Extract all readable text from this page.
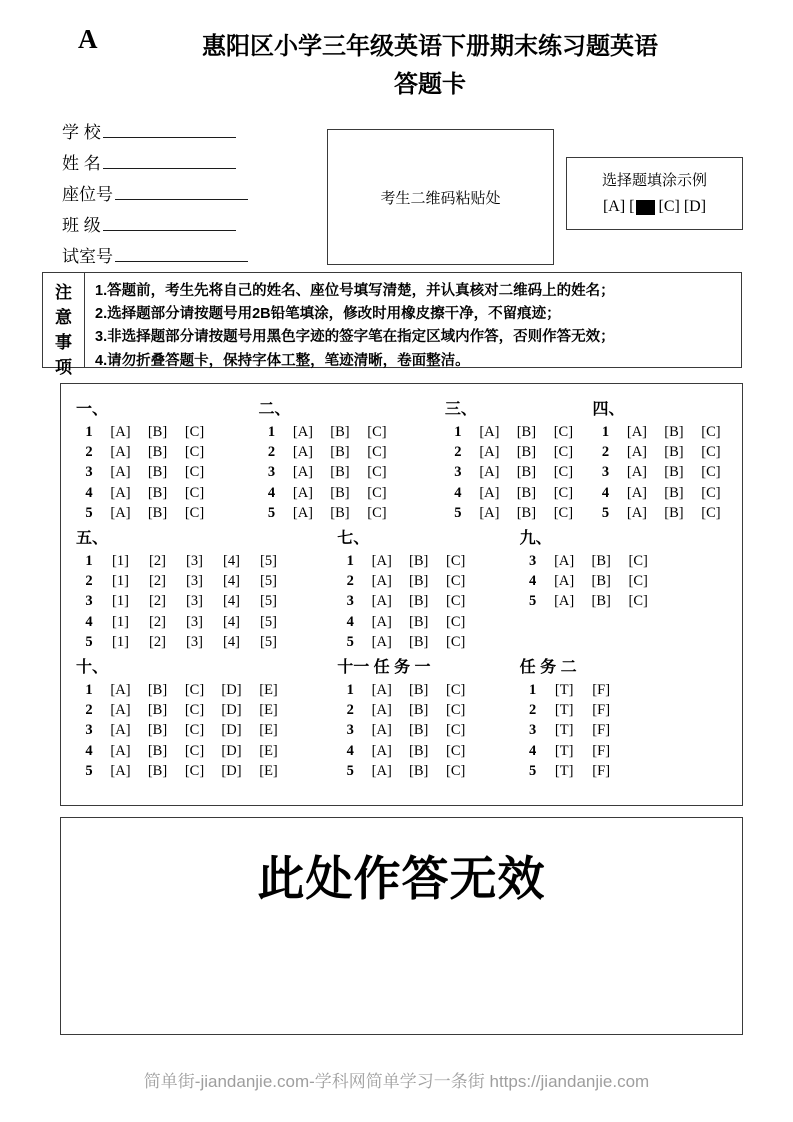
A	惠阳区小学三年级英语下册期末练习题英语
答题卡
学 校
姓 名
座位号
班 级
试室号
考生二维码粘贴处
选择题填涂示例
[A] [ [C] [D]
注
意
事
项
1.答题前，考生先将自己的姓名、座位号填写清楚，并认真核对二维码上的姓名；
2.选择题部分请按题号用2B铅笔填涂，修改时用橡皮擦干净，不留痕迹；
3.非选择题部分请按题号用黑色字迹的签字笔在指定区域内作答，否则作答无效；
4.请勿折叠答题卡，保持字体工整，笔迹清晰，卷面整洁。
一、
1	[A]	[B]	[C]
2	[A]	[B]	[C]
3	[A]	[B]	[C]
4	[A]	[B]	[C]
5	[A]	[B]	[C]
二、
1	[A]	[B]	[C]
2	[A]	[B]	[C]
3	[A]	[B]	[C]
4	[A]	[B]	[C]
5	[A]	[B]	[C]
三、
1	[A]	[B]	[C]
2	[A]	[B]	[C]
3	[A]	[B]	[C]
4	[A]	[B]	[C]
5	[A]	[B]	[C]
四、
1	[A]	[B]	[C]
2	[A]	[B]	[C]
3	[A]	[B]	[C]
4	[A]	[B]	[C]
5	[A]	[B]	[C]
五、
1	[1]	[2]	[3]	[4]	[5]
2	[1]	[2]	[3]	[4]	[5]
3	[1]	[2]	[3]	[4]	[5]
4	[1]	[2]	[3]	[4]	[5]
5	[1]	[2]	[3]	[4]	[5]
七、
1	[A]	[B]	[C]
2	[A]	[B]	[C]
3	[A]	[B]	[C]
4	[A]	[B]	[C]
5	[A]	[B]	[C]
九、
3	[A]	[B]	[C]
4	[A]	[B]	[C]
5	[A]	[B]	[C]
十、
1	[A]	[B]	[C]	[D]	[E]
2	[A]	[B]	[C]	[D]	[E]
3	[A]	[B]	[C]	[D]	[E]
4	[A]	[B]	[C]	[D]	[E]
5	[A]	[B]	[C]	[D]	[E]
十一 任 务 一
1	[A]	[B]	[C]
2	[A]	[B]	[C]
3	[A]	[B]	[C]
4	[A]	[B]	[C]
5	[A]	[B]	[C]
任 务 二
1	[T]	[F]
2	[T]	[F]
3	[T]	[F]
4	[T]	[F]
5	[T]	[F]
此处作答无效
简单街-jiandanjie.com-学科网简单学习一条街 https://jiandanjie.com
